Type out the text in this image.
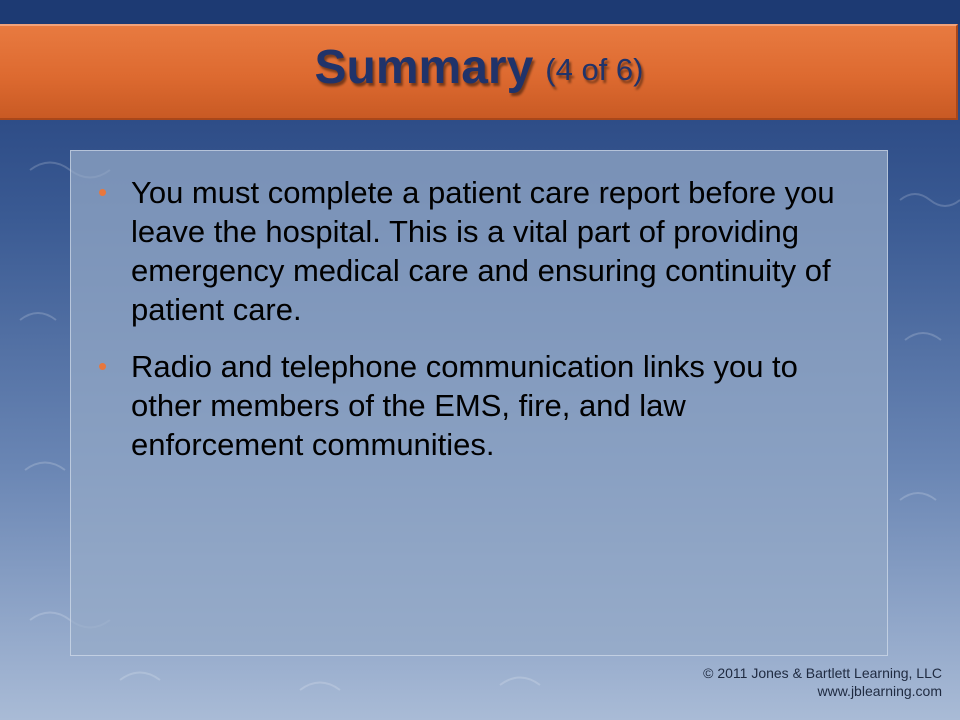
Summary (4 of 6)
• You must complete a patient care report before you leave the hospital. This is a vital part of providing emergency medical care and ensuring continuity of patient care.
• Radio and telephone communication links you to other members of the EMS, fire, and law enforcement communities.
© 2011 Jones & Bartlett Learning, LLC
www.jblearning.com
